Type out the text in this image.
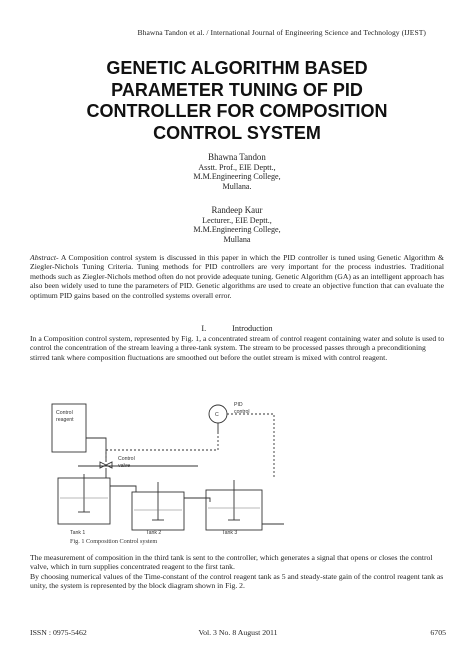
Bhawna Tandon et al. / International Journal of Engineering Science and Technology (IJEST)
GENETIC ALGORITHM BASED
PARAMETER TUNING OF PID
CONTROLLER FOR COMPOSITION
CONTROL SYSTEM
Bhawna Tandon
Asstt. Prof., EIE Deptt.,
M.M.Engineering College,
Mullana.
Randeep Kaur
Lecturer., EIE Deptt.,
M.M.Engineering College,
Mullana
Abstract- A Composition control system is discussed in this paper in which the PID controller is tuned using Genetic Algorithm & Ziegler-Nichols Tuning Criteria. Tuning methods for PID controllers are very important for the process industries. Traditional methods such as Ziegler-Nichols method often do not provide adequate tuning. Genetic Algorithm (GA) as an intelligent approach has also been widely used to tune the parameters of PID. Genetic algorithms are used to create an objective function that can evaluate the optimum PID gains based on the controlled systems overall error.
I.	Introduction
In a Composition control system, represented by Fig. 1, a concentrated stream of control reagent containing water and solute is used to control the concentration of the stream leaving a three-tank system. The stream to be processed passes through a preconditioning stirred tank where composition fluctuations are smoothed out before the outlet stream is mixed with control reagent.
Control
reagent
Control
valve
C
PID
control
Tank 1	Tank 2	Tank 3
Fig. 1 Composition Control system
The measurement of composition in the third tank is sent to the controller, which generates a signal that opens or closes the control valve, which in turn supplies concentrated reagent to the first tank.
By choosing numerical values of the Time-constant of the control reagent tank as 5 and steady-state gain of the control reagent tank as unity, the system is represented by the block diagram shown in Fig. 2.
ISSN : 0975-5462	Vol. 3 No. 8 August 2011	6705
